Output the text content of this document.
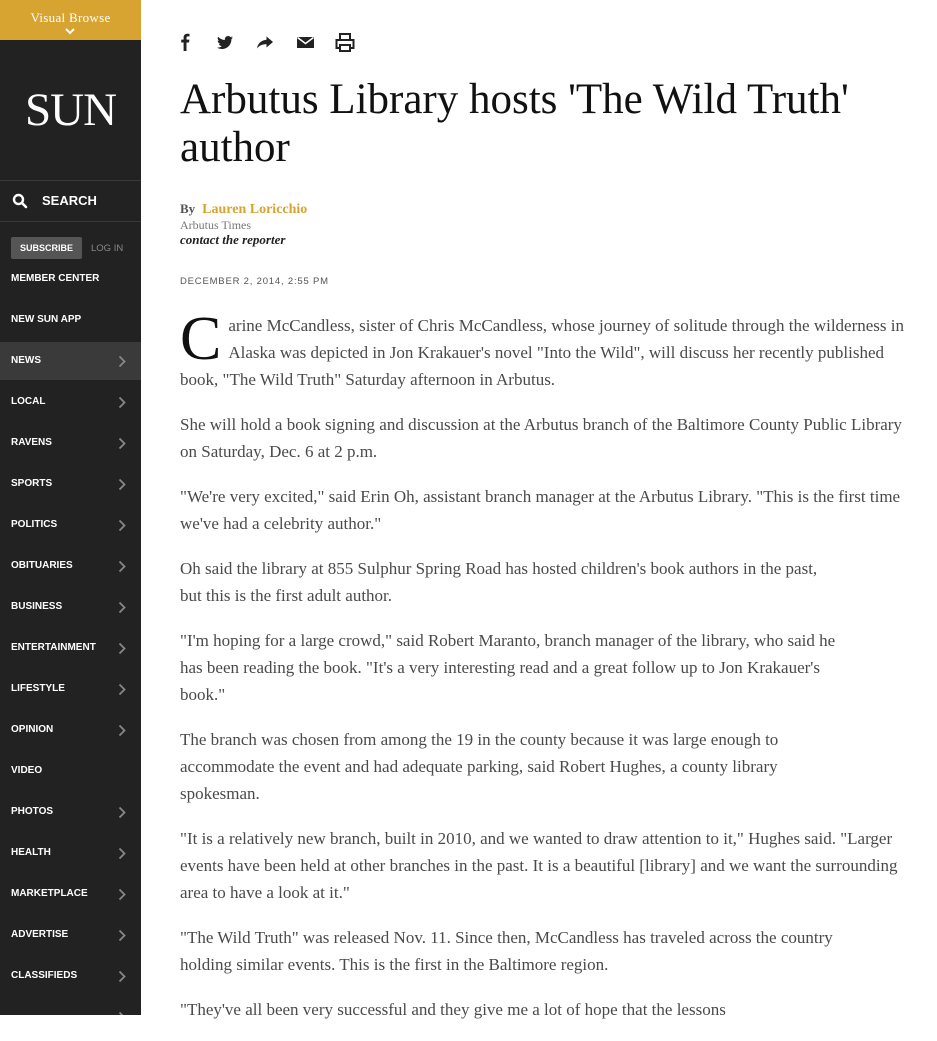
Visual Browse
SUN
SEARCH
SUBSCRIBE	LOG IN
MEMBER CENTER
NEW SUN APP
NEWS
LOCAL
RAVENS
SPORTS
POLITICS
OBITUARIES
BUSINESS
ENTERTAINMENT
LIFESTYLE
OPINION
VIDEO
PHOTOS
HEALTH
MARKETPLACE
ADVERTISE
CLASSIFIEDS
Arbutus Library hosts 'The Wild Truth' author
By Lauren Loricchio
Arbutus Times
contact the reporter
DECEMBER 2, 2014, 2:55 PM

Carine McCandless, sister of Chris McCandless, whose journey of solitude through the wilderness in Alaska was depicted in Jon Krakauer's novel "Into the Wild", will discuss her recently published book, "The Wild Truth" Saturday afternoon in Arbutus.

She will hold a book signing and discussion at the Arbutus branch of the Baltimore County Public Library on Saturday, Dec. 6 at 2 p.m.

"We're very excited," said Erin Oh, assistant branch manager at the Arbutus Library. "This is the first time we've had a celebrity author."

Oh said the library at 855 Sulphur Spring Road has hosted children's book authors in the past, but this is the first adult author.

"I'm hoping for a large crowd," said Robert Maranto, branch manager of the library, who said he has been reading the book. "It's a very interesting read and a great follow up to Jon Krakauer's book."

The branch was chosen from among the 19 in the county because it was large enough to accommodate the event and had adequate parking, said Robert Hughes, a county library spokesman.

"It is a relatively new branch, built in 2010, and we wanted to draw attention to it," Hughes said. "Larger events have been held at other branches in the past. It is a beautiful [library] and we want the surrounding area to have a look at it."

"The Wild Truth" was released Nov. 11. Since then, McCandless has traveled across the country holding similar events. This is the first in the Baltimore region.

"They've all been very successful and they give me a lot of hope that the lessons
